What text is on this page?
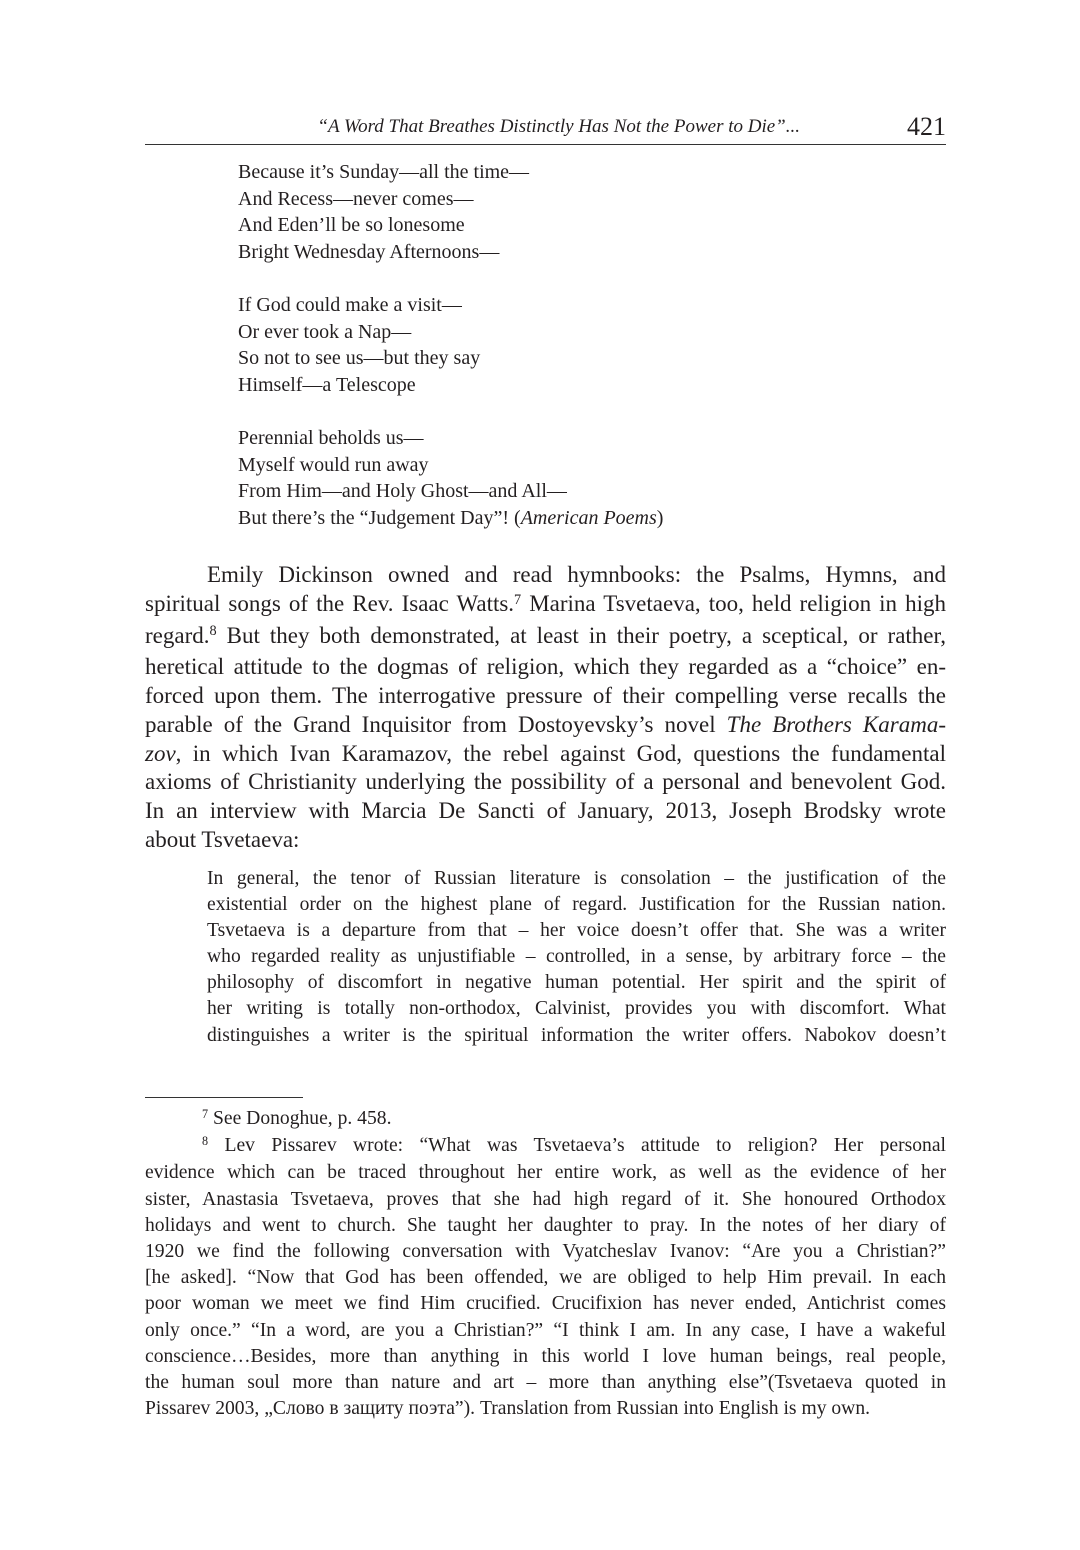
“A Word That Breathes Distinctly Has Not the Power to Die”...	421
Because it’s Sunday—all the time—
And Recess—never comes—
And Eden’ll be so lonesome
Bright Wednesday Afternoons—

If God could make a visit—
Or ever took a Nap—
So not to see us—but they say
Himself—a Telescope

Perennial beholds us—
Myself would run away
From Him—and Holy Ghost—and All—
But there’s the “Judgement Day”! (American Poems)
Emily Dickinson owned and read hymnbooks: the Psalms, Hymns, and
spiritual songs of the Rev. Isaac Watts.$^7$ Marina Tsvetaeva, too, held religion in high
regard.$^8$ But they both demonstrated, at least in their poetry, a sceptical, or rather,
heretical attitude to the dogmas of religion, which they regarded as a “choice” en-
forced upon them. The interrogative pressure of their compelling verse recalls the
parable of the Grand Inquisitor from Dostoyevsky’s novel The Brothers Karama-
zov, in which Ivan Karamazov, the rebel against God, questions the fundamental
axioms of Christianity underlying the possibility of a personal and benevolent God.
In an interview with Marcia De Sancti of January, 2013, Joseph Brodsky wrote
about Tsvetaeva:
In general, the tenor of Russian literature is consolation – the justification of the
existential order on the highest plane of regard. Justification for the Russian nation.
Tsvetaeva is a departure from that – her voice doesn’t offer that. She was a writer
who regarded reality as unjustifiable – controlled, in a sense, by arbitrary force – the
philosophy of discomfort in negative human potential. Her spirit and the spirit of
her writing is totally non-orthodox, Calvinist, provides you with discomfort. What
distinguishes a writer is the spiritual information the writer offers. Nabokov doesn’t
$^7$ See Donoghue, p. 458.
$^8$ Lev Pissarev wrote: “What was Tsvetaeva’s attitude to religion? Her personal
evidence which can be traced throughout her entire work, as well as the evidence of her
sister, Anastasia Tsvetaeva, proves that she had high regard of it. She honoured Orthodox
holidays and went to church. She taught her daughter to pray. In the notes of her diary of
1920 we find the following conversation with Vyatcheslav Ivanov: “Are you a Christian?”
[he asked]. “Now that God has been offended, we are obliged to help Him prevail. In each
poor woman we meet we find Him crucified. Crucifixion has never ended, Antichrist comes
only once.” “In a word, are you a Christian?” “I think I am. In any case, I have a wakeful
conscience…Besides, more than anything in this world I love human beings, real people,
the human soul more than nature and art – more than anything else”(Tsvetaeva quoted in
Pissarev 2003, „Слово в защиту поэта”). Translation from Russian into English is my own.
